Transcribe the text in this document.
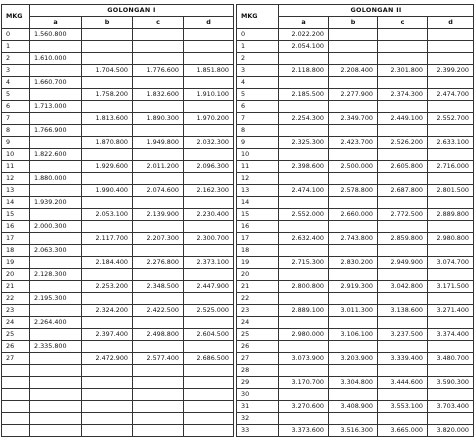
MKG	GOLONGAN I			
	a	b	c	d
0	1.560.800			
1				
2	1.610.000			
3		1.704.500	1.776.600	1.851.800
4	1.660.700			
5		1.758.200	1.832.600	1.910.100
6	1.713.000			
7		1.813.600	1.890.300	1.970.200
8	1.766.900			
9		1.870.800	1.949.800	2.032.300
10	1.822.600			
11		1.929.600	2.011.200	2.096.300
12	1.880.000			
13		1.990.400	2.074.600	2.162.300
14	1.939.200			
15		2.053.100	2.139.900	2.230.400
16	2.000.300			
17		2.117.700	2.207.300	2.300.700
18	2.063.300			
19		2.184.400	2.276.800	2.373.100
20	2.128.300			
21		2.253.200	2.348.500	2.447.900
22	2.195.300			
23		2.324.200	2.422.500	2.525.000
24	2.264.400			
25		2.397.400	2.498.800	2.604.500
26	2.335.800			
27		2.472.900	2.577.400	2.686.500

MKG	GOLONGAN II			
	a	b	c	d
0	2.022.200			
1	2.054.100			
2				
3	2.118.800	2.208.400	2.301.800	2.399.200
4				
5	2.185.500	2.277.900	2.374.300	2.474.700
6				
7	2.254.300	2.349.700	2.449.100	2.552.700
8				
9	2.325.300	2.423.700	2.526.200	2.633.100
10				
11	2.398.600	2.500.000	2.605.800	2.716.000
12				
13	2.474.100	2.578.800	2.687.800	2.801.500
14				
15	2.552.000	2.660.000	2.772.500	2.889.800
16				
17	2.632.400	2.743.800	2.859.800	2.980.800
18				
19	2.715.300	2.830.200	2.949.900	3.074.700
20				
21	2.800.800	2.919.300	3.042.800	3.171.500
22				
23	2.889.100	3.011.300	3.138.600	3.271.400
24				
25	2.980.000	3.106.100	3.237.500	3.374.400
26				
27	3.073.900	3.203.900	3.339.400	3.480.700
28				
29	3.170.700	3.304.800	3.444.600	3.590.300
30				
31	3.270.600	3.408.900	3.553.100	3.703.400
32				
33	3.373.600	3.516.300	3.665.000	3.820.000
